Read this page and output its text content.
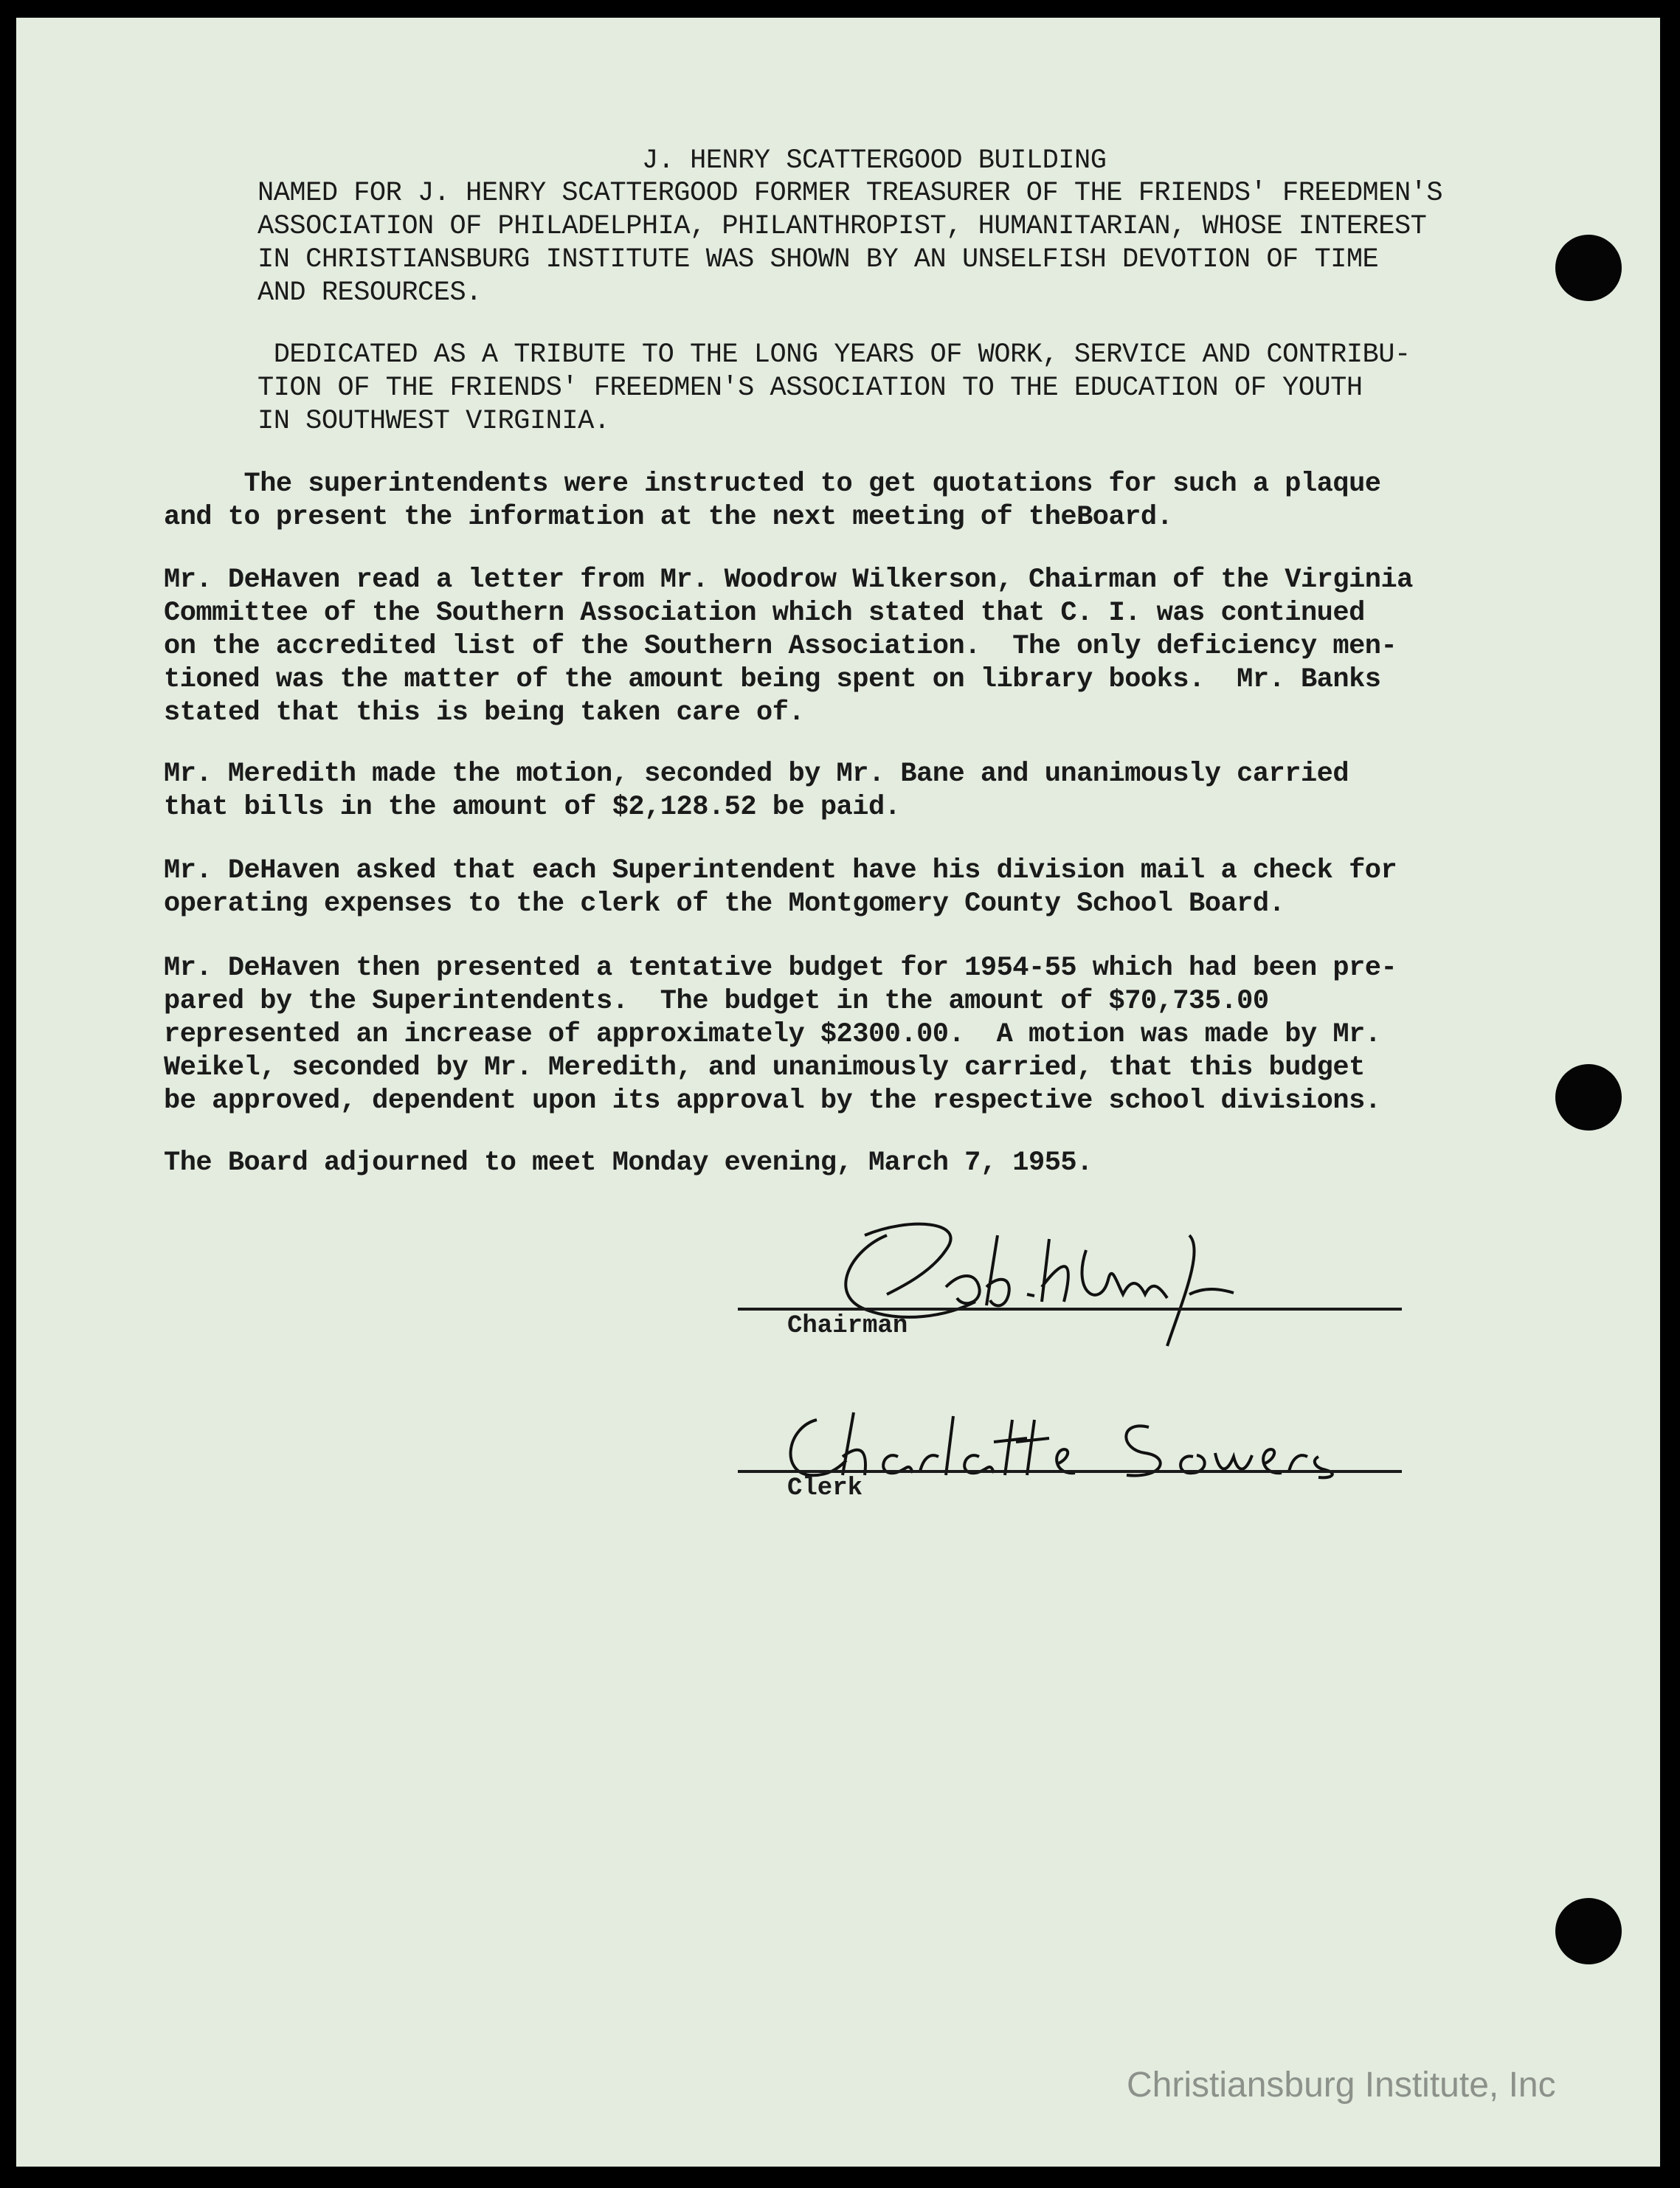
J. HENRY SCATTERGOOD BUILDING

NAMED FOR J. HENRY SCATTERGOOD FORMER TREASURER OF THE FRIENDS' FREEDMEN'S
ASSOCIATION OF PHILADELPHIA, PHILANTHROPIST, HUMANITARIAN, WHOSE INTEREST
IN CHRISTIANSBURG INSTITUTE WAS SHOWN BY AN UNSELFISH DEVOTION OF TIME
AND RESOURCES.

DEDICATED AS A TRIBUTE TO THE LONG YEARS OF WORK, SERVICE AND CONTRIBU-
TION OF THE FRIENDS' FREEDMEN'S ASSOCIATION TO THE EDUCATION OF YOUTH
IN SOUTHWEST VIRGINIA.

The superintendents were instructed to get quotations for such a plaque
and to present the information at the next meeting of theBoard.

Mr. DeHaven read a letter from Mr. Woodrow Wilkerson, Chairman of the Virginia
Committee of the Southern Association which stated that C. I. was continued
on the accredited list of the Southern Association.  The only deficiency men-
tioned was the matter of the amount being spent on library books.  Mr. Banks
stated that this is being taken care of.

Mr. Meredith made the motion, seconded by Mr. Bane and unanimously carried
that bills in the amount of $2,128.52 be paid.

Mr. DeHaven asked that each Superintendent have his division mail a check for
operating expenses to the clerk of the Montgomery County School Board.

Mr. DeHaven then presented a tentative budget for 1954-55 which had been pre-
pared by the Superintendents.  The budget in the amount of $70,735.00
represented an increase of approximately $2300.00.  A motion was made by Mr.
Weikel, seconded by Mr. Meredith, and unanimously carried, that this budget
be approved, dependent upon its approval by the respective school divisions.

The Board adjourned to meet Monday evening, March 7, 1955.

Chairman
Clerk
Christiansburg Institute, Inc
